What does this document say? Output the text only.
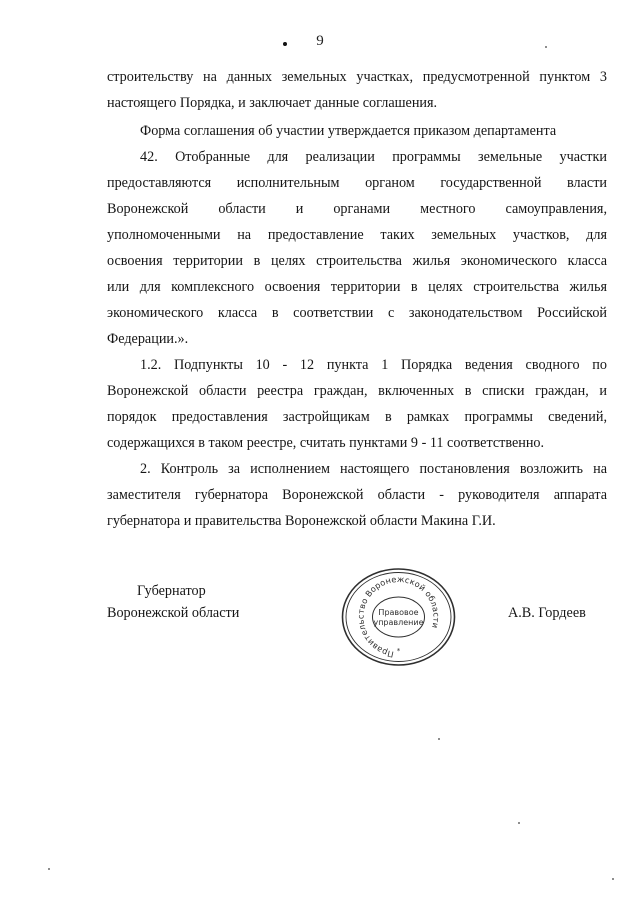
9

строительству на данных земельных участках, предусмотренной пунктом 3

настоящего Порядка, и заключает данные соглашения.

Форма соглашения об участии утверждается приказом департамента

42. Отобранные для реализации программы земельные участки

предоставляются исполнительным органом государственной власти

Воронежской области и органами местного самоуправления,

уполномоченными на предоставление таких земельных участков, для

освоения территории в целях строительства жилья экономического класса

или для комплексного освоения территории в целях строительства жилья

экономического класса в соответствии с законодательством Российской

Федерации.».

1.2. Подпункты 10 - 12 пункта 1 Порядка ведения сводного по

Воронежской области реестра граждан, включенных в списки граждан, и

порядок предоставления застройщикам в рамках программы сведений,

содержащихся в таком реестре, считать пунктами 9 - 11 соответственно.

2. Контроль за исполнением настоящего постановления возложить на

заместителя губернатора Воронежской области - руководителя аппарата

губернатора и правительства Воронежской области Макина Г.И.

Губернатор
Воронежской области	А.В. Гордеев
Правительство Воронежской области
Правовое
управление
*
